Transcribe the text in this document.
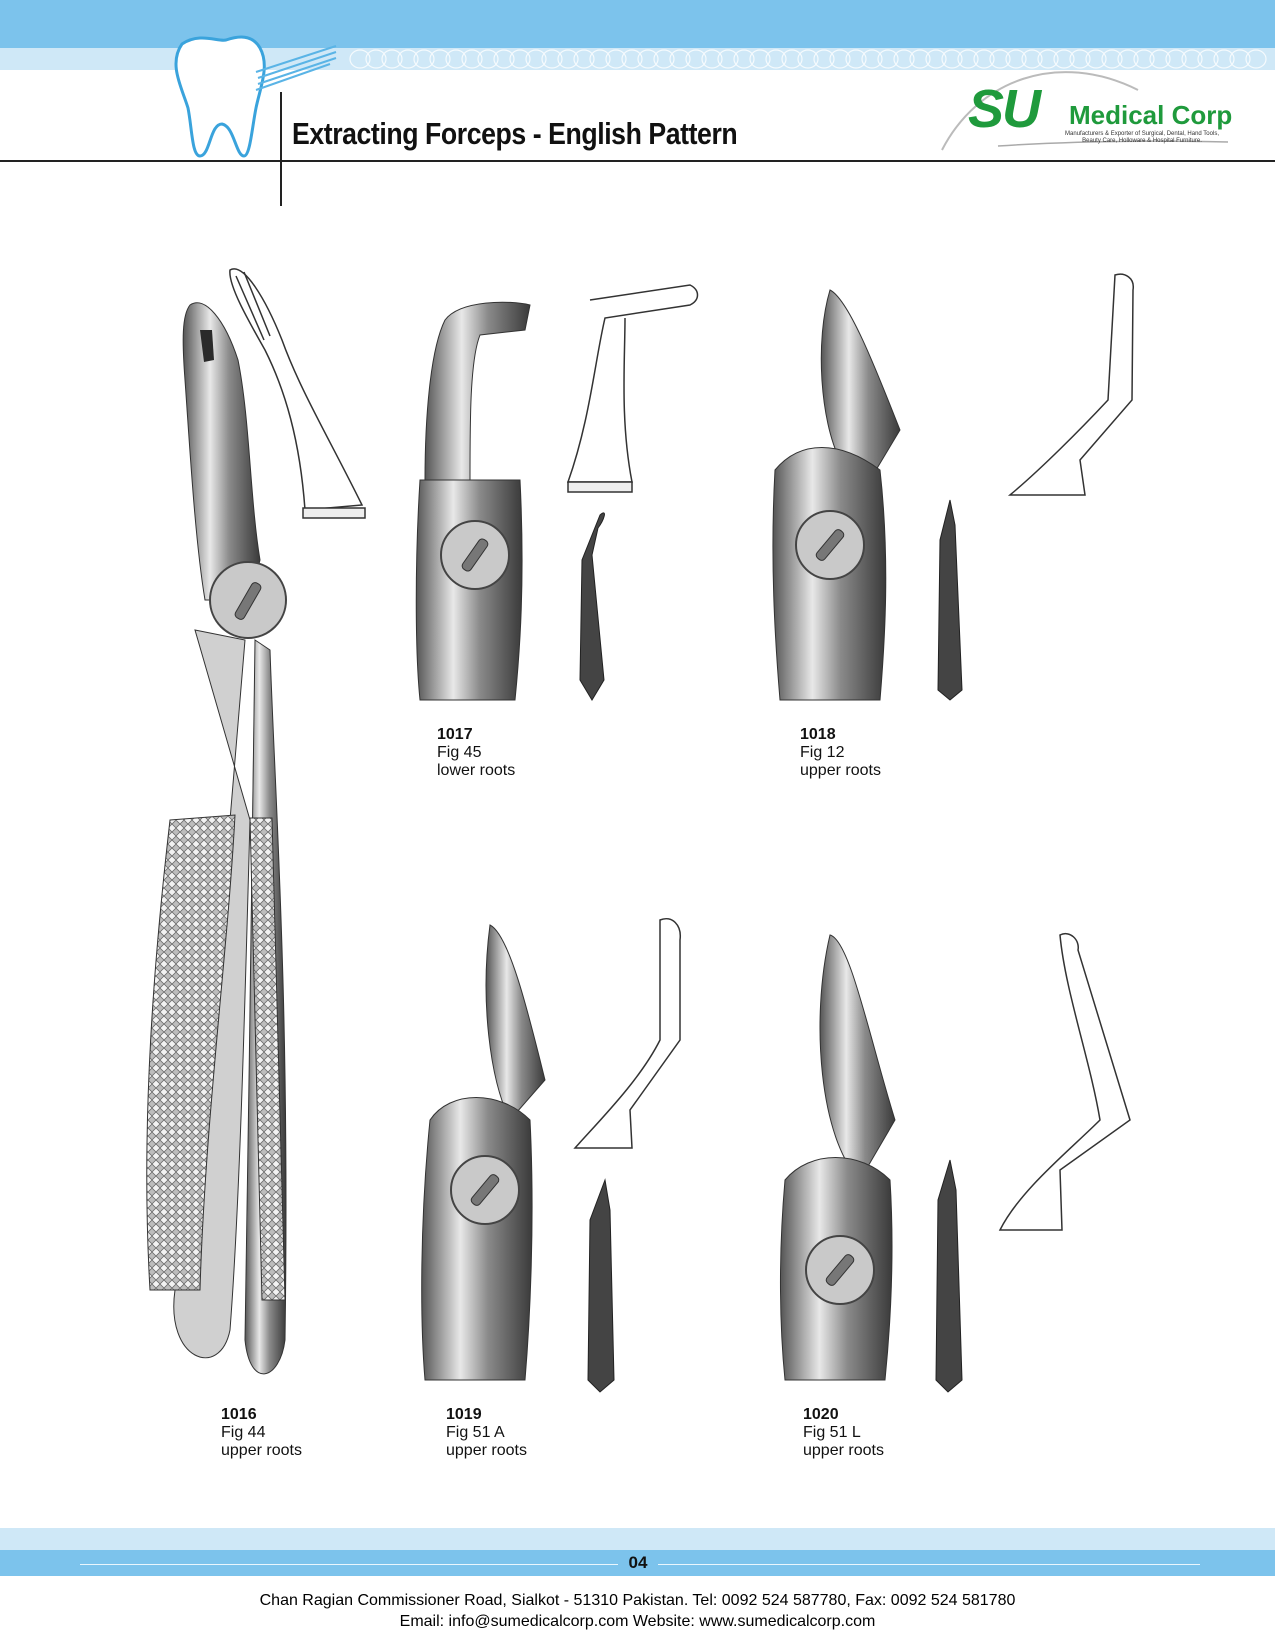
Extracting Forceps - English Pattern	SU Medical Corp
Manufacturers & Exporter of Surgical, Dental, Hand Tools, Beauty Care, Holloware & Hospital Furniture.
1016
Fig 44
upper roots
1017
Fig 45
lower roots
1018
Fig 12
upper roots
1019
Fig 51 A
upper roots
1020
Fig 51 L
upper roots
04
Chan Ragian Commissioner Road, Sialkot - 51310 Pakistan. Tel: 0092 524 587780, Fax: 0092 524 581780
Email: info@sumedicalcorp.com Website: www.sumedicalcorp.com
